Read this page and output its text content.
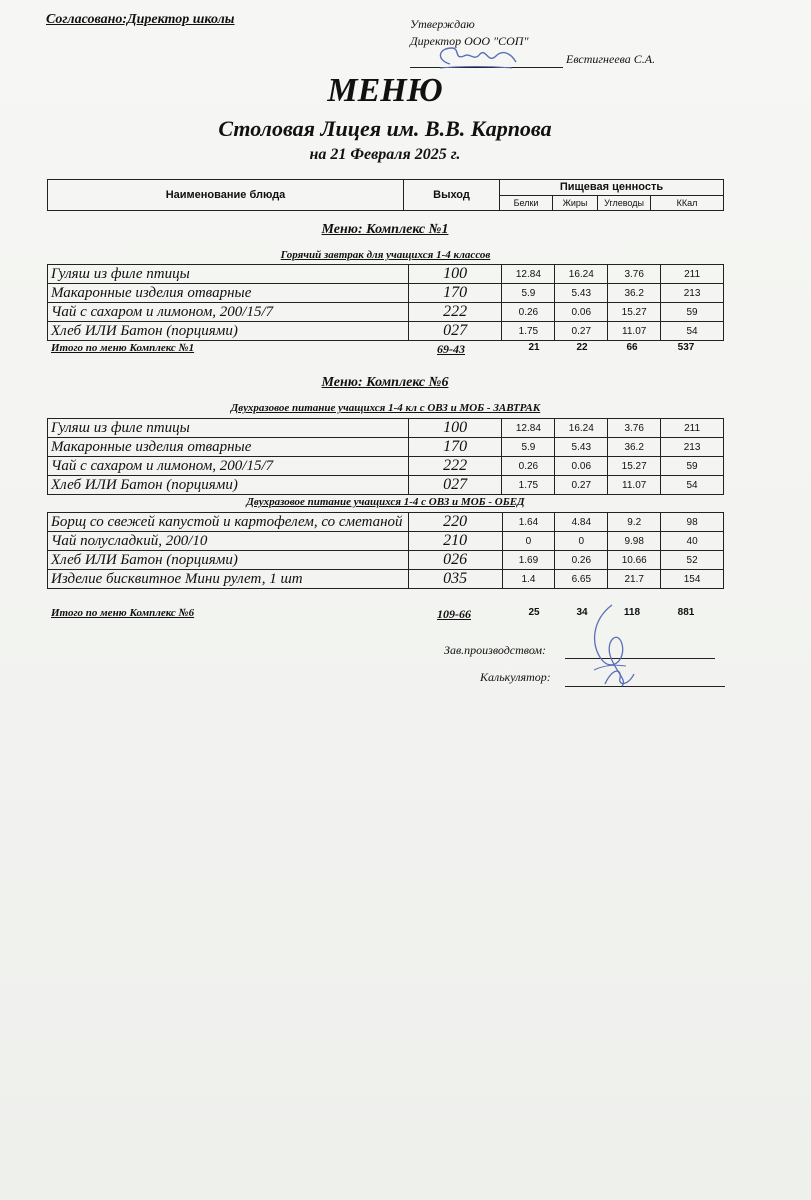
Согласовано:Директор школы	Утверждаю
Директор ООО "СОП"
Евстигнеева С.А.
МЕНЮ
Столовая Лицея им. В.В. Карпова
на 21 Февраля 2025 г.
Наименование блюда	Выход	Пищевая ценность			
		Белки	Жиры	Углеводы	ККал
Меню: Комплекс №1
Горячий завтрак для учащихся 1-4 классов
Гуляш из филе птицы	100	12.84	16.24	3.76	211
Макаронные изделия отварные	170	5.9	5.43	36.2	213
Чай с сахаром и лимоном, 200/15/7	222	0.26	0.06	15.27	59
Хлеб ИЛИ Батон (порциями)	027	1.75	0.27	11.07	54
Итого по меню Комплекс №1	69-43	21	22	66	537
Меню: Комплекс №6
Двухразовое питание учащихся 1-4 кл с ОВЗ и МОБ - ЗАВТРАК
Гуляш из филе птицы	100	12.84	16.24	3.76	211
Макаронные изделия отварные	170	5.9	5.43	36.2	213
Чай с сахаром и лимоном, 200/15/7	222	0.26	0.06	15.27	59
Хлеб ИЛИ Батон (порциями)	027	1.75	0.27	11.07	54
Двухразовое питание учащихся 1-4 с ОВЗ и МОБ - ОБЕД
Борщ со свежей капустой и картофелем, со сметаной	220	1.64	4.84	9.2	98
Чай полусладкий, 200/10	210	0	0	9.98	40
Хлеб ИЛИ Батон (порциями)	026	1.69	0.26	10.66	52
Изделие бисквитное Мини рулет, 1 шт	035	1.4	6.65	21.7	154
Итого по меню Комплекс №6	109-66	25	34	118	881
Зав.производством:
Калькулятор:
